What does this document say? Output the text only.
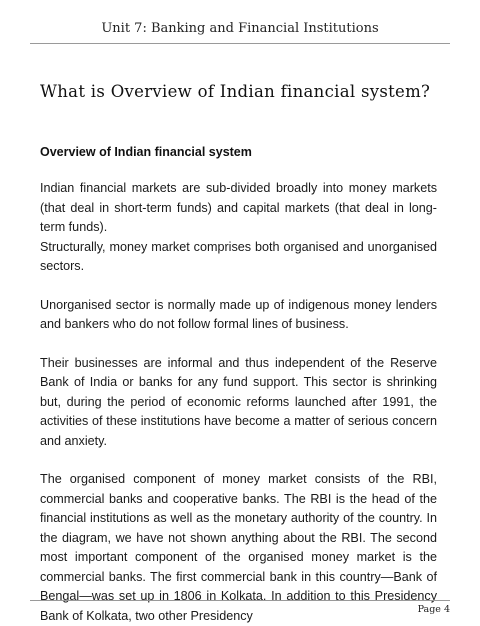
Unit 7: Banking and Financial Institutions
What is Overview of Indian financial system?
Overview of Indian financial system

Indian financial markets are sub-divided broadly into money markets (that deal in short-term funds) and capital markets (that deal in long-term funds).

Structurally, money market comprises both organised and unorganised sectors.

Unorganised sector is normally made up of indigenous money lenders and bankers who do not follow formal lines of business.

Their businesses are informal and thus independent of the Reserve Bank of India or banks for any fund support. This sector is shrinking but, during the period of economic reforms launched after 1991, the activities of these institutions have become a matter of serious concern and anxiety.

The organised component of money market consists of the RBI, commercial banks and cooperative banks. The RBI is the head of the financial institutions as well as the monetary authority of the country. In the diagram, we have not shown anything about the RBI. The second most important component of the organised money market is the commercial banks. The first commercial bank in this country—Bank of Bengal—was set up in 1806 in Kolkata. In addition to this Presidency Bank of Kolkata, two other Presidency	Page 4
